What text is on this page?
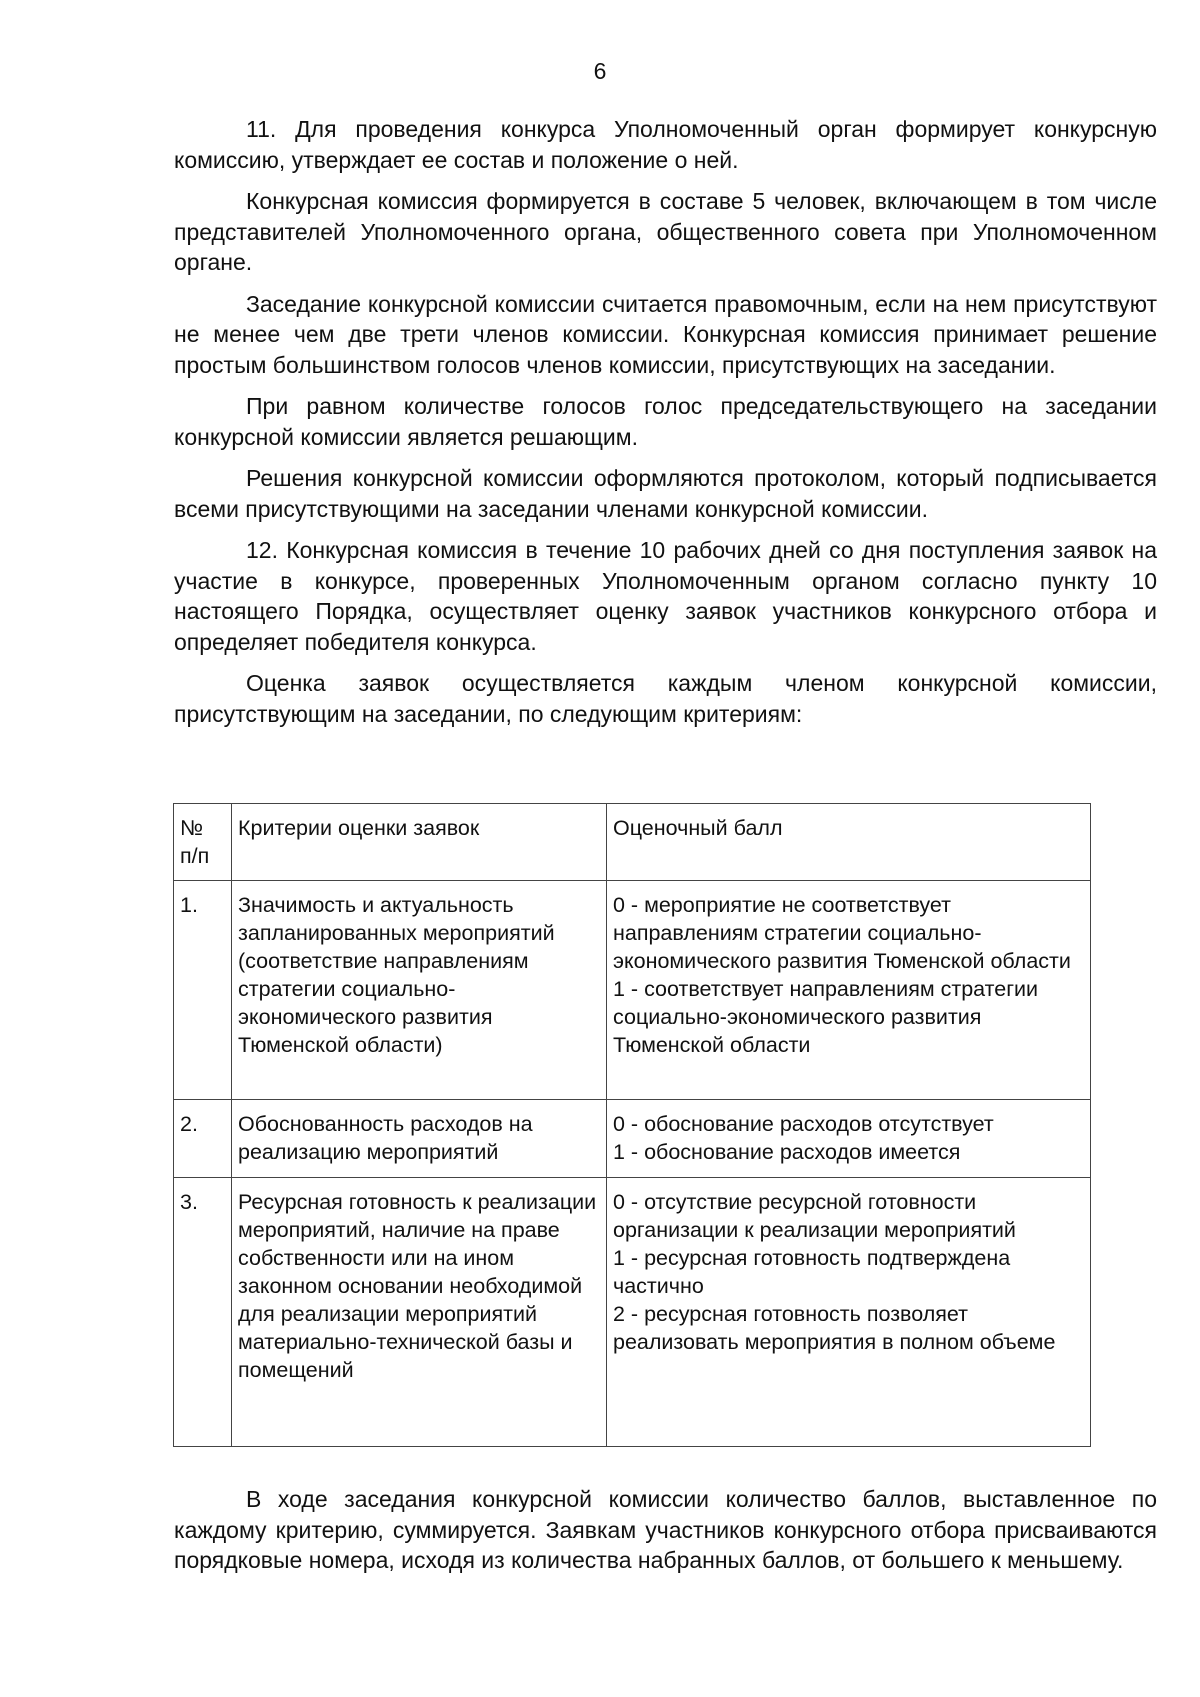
6

11. Для проведения конкурса Уполномоченный орган формирует конкурсную комиссию, утверждает ее состав и положение о ней.

Конкурсная комиссия формируется в составе 5 человек, включающем в том числе представителей Уполномоченного органа, общественного совета при Уполномоченном органе.

Заседание конкурсной комиссии считается правомочным, если на нем присутствуют не менее чем две трети членов комиссии. Конкурсная комиссия принимает решение простым большинством голосов членов комиссии, присутствующих на заседании.

При равном количестве голосов голос председательствующего на заседании конкурсной комиссии является решающим.

Решения конкурсной комиссии оформляются протоколом, который подписывается всеми присутствующими на заседании членами конкурсной комиссии.

12. Конкурсная комиссия в течение 10 рабочих дней со дня поступления заявок на участие в конкурсе, проверенных Уполномоченным органом согласно пункту 10 настоящего Порядка, осуществляет оценку заявок участников конкурсного отбора и определяет победителя конкурса.

Оценка заявок осуществляется каждым членом конкурсной комиссии, присутствующим на заседании, по следующим критериям:

№
п/п	Критерии оценки заявок	Оценочный балл
1.	Значимость и актуальность запланированных мероприятий (соответствие направлениям стратегии социально-экономического развития Тюменской области)	0 - мероприятие не соответствует направлениям стратегии социально-экономического развития Тюменской области
1 - соответствует направлениям стратегии социально-экономического развития Тюменской области
2.	Обоснованность расходов на реализацию мероприятий	0 - обоснование расходов отсутствует
1 - обоснование расходов имеется
3.	Ресурсная готовность к реализации мероприятий, наличие на праве собственности или на ином законном основании необходимой для реализации мероприятий материально-технической базы и помещений	0 - отсутствие ресурсной готовности организации к реализации мероприятий
1 - ресурсная готовность подтверждена частично
2 - ресурсная готовность позволяет реализовать мероприятия в полном объеме

В ходе заседания конкурсной комиссии количество баллов, выставленное по каждому критерию, суммируется. Заявкам участников конкурсного отбора присваиваются порядковые номера, исходя из количества набранных баллов, от большего к меньшему.
